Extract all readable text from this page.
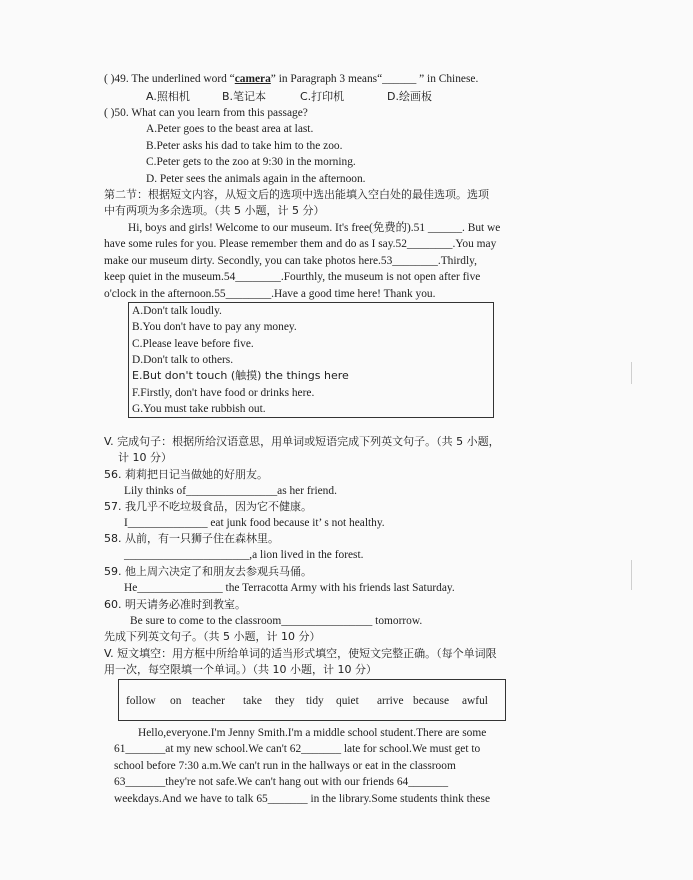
( )49. The underlined word “camera” in Paragraph 3 means“______ ” in Chinese.
A.照相机	B.笔记本	C.打印机	D.绘画板
( )50. What can you learn from this passage?
A.Peter goes to the beast area at last.
B.Peter asks his dad to take him to the zoo.
C.Peter gets to the zoo at 9:30 in the morning.
D. Peter sees the animals again in the afternoon.
第二节：根据短文内容，从短文后的选项中选出能填入空白处的最佳选项。选项
中有两项为多余选项。（共 5 小题，计 5 分）
Hi, boys and girls! Welcome to our museum. It's free(免费的).51 ______. But we
have some rules for you. Please remember them and do as I say.52________.You may
make our museum dirty. Secondly, you can take photos here.53________.Thirdly,
keep quiet in the museum.54________.Fourthly, the museum is not open after five
o'clock in the afternoon.55________.Have a good time here! Thank you.
A.Don't talk loudly.
B.You don't have to pay any money.
C.Please leave before five.
D.Don't talk to others.
E.But don't touch (触摸) the things here
F.Firstly, don't have food or drinks here.
G.You must take rubbish out.
V. 完成句子：根据所给汉语意思，用单词或短语完成下列英文句子。（共 5 小题，
计 10 分）
56. 莉莉把日记当做她的好朋友。
Lily thinks of________________as her friend.
57. 我几乎不吃垃圾食品，因为它不健康。
I______________ eat junk food because it’ s not healthy.
58. 从前，有一只狮子住在森林里。
______________________,a lion lived in the forest.
59. 他上周六决定了和朋友去参观兵马俑。
He_______________ the Terracotta Army with his friends last Saturday.
60. 明天请务必准时到教室。
Be sure to come to the classroom________________ tomorrow.
先成下列英文句子。（共 5 小题，计 10 分）
V. 短文填空：用方框中所给单词的适当形式填空，使短文完整正确。（每个单词限
用一次，每空限填一个单词。）（共 10 小题，计 10 分）
follow on teacher take they tidy quiet arrive because awful
Hello,everyone.I'm Jenny Smith.I'm a middle school student.There are some
61_______at my new school.We can't 62_______ late for school.We must get to
school before 7:30 a.m.We can't run in the hallways or eat in the classroom
63_______they're not safe.We can't hang out with our friends 64_______
weekdays.And we have to talk 65_______ in the library.Some students think these
